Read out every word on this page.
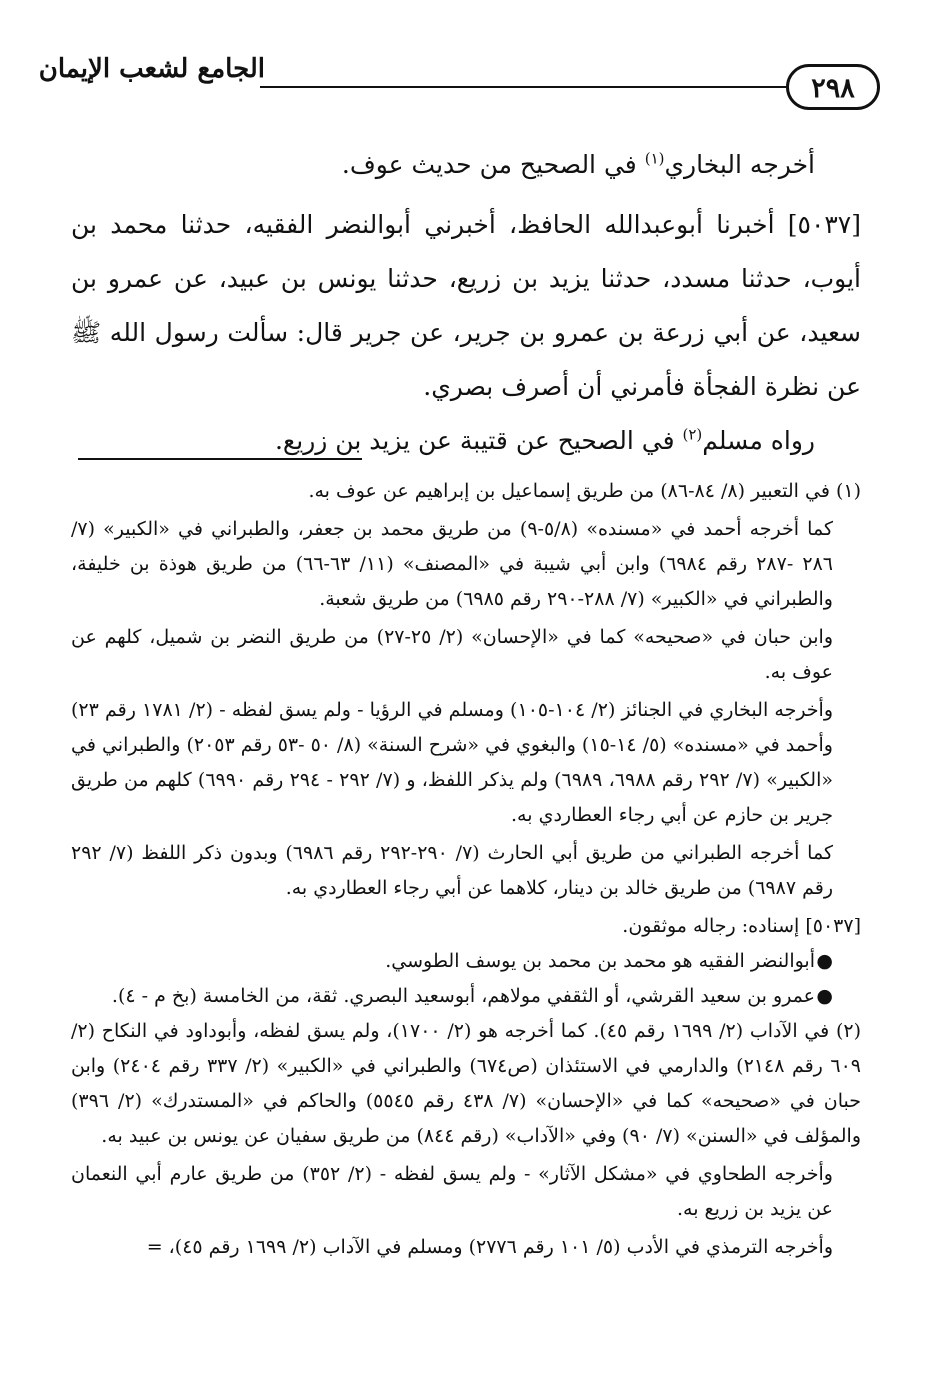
٢٩٨
الجامع لشعب الإيمان

أخرجه البخاري$^{(١)}$ في الصحيح من حديث عوف.

[٥٠٣٧] أخبرنا أبوعبدالله الحافظ، أخبرني أبوالنضر الفقيه، حدثنا محمد بن أيوب، حدثنا مسدد، حدثنا يزيد بن زريع، حدثنا يونس بن عبيد، عن عمرو بن سعيد، عن أبي زرعة بن عمرو بن جرير، عن جرير قال: سألت رسول الله ﷺ عن نظرة الفجأة فأمرني أن أصرف بصري.

رواه مسلم$^{(٢)}$ في الصحيح عن قتيبة عن يزيد بن زريع.

(١) في التعبير (٨/ ٨٤-٨٦) من طريق إسماعيل بن إبراهيم عن عوف به.

كما أخرجه أحمد في «مسنده» (٥/٨-٩) من طريق محمد بن جعفر، والطبراني في «الكبير» (٧/ ٢٨٦ -٢٨٧ رقم ٦٩٨٤) وابن أبي شيبة في «المصنف» (١١/ ٦٣-٦٦) من طريق هوذة بن خليفة، والطبراني في «الكبير» (٧/ ٢٨٨-٢٩٠ رقم ٦٩٨٥) من طريق شعبة.

وابن حبان في «صحيحه» كما في «الإحسان» (٢/ ٢٥-٢٧) من طريق النضر بن شميل، كلهم عن عوف به.

وأخرجه البخاري في الجنائز (٢/ ١٠٤-١٠٥) ومسلم في الرؤيا - ولم يسق لفظه - (٢/ ١٧٨١ رقم ٢٣) وأحمد في «مسنده» (٥/ ١٤-١٥) والبغوي في «شرح السنة» (٨/ ٥٠ -٥٣ رقم ٢٠٥٣) والطبراني في «الكبير» (٧/ ٢٩٢ رقم ٦٩٨٨، ٦٩٨٩) ولم يذكر اللفظ، و (٧/ ٢٩٢ - ٢٩٤ رقم ٦٩٩٠) كلهم من طريق جرير بن حازم عن أبي رجاء العطاردي به.

كما أخرجه الطبراني من طريق أبي الحارث (٧/ ٢٩٠-٢٩٢ رقم ٦٩٨٦) وبدون ذكر اللفظ (٧/ ٢٩٢ رقم ٦٩٨٧) من طريق خالد بن دينار، كلاهما عن أبي رجاء العطاردي به.

[٥٠٣٧] إسناده: رجاله موثقون.

●أبوالنضر الفقيه هو محمد بن محمد بن يوسف الطوسي.

●عمرو بن سعيد القرشي، أو الثقفي مولاهم، أبوسعيد البصري. ثقة، من الخامسة (بخ م - ٤).

(٢) في الآداب (٢/ ١٦٩٩ رقم ٤٥). كما أخرجه هو (٢/ ١٧٠٠)، ولم يسق لفظه، وأبوداود في النكاح (٢/ ٦٠٩ رقم ٢١٤٨) والدارمي في الاستئذان (ص٦٧٤) والطبراني في «الكبير» (٢/ ٣٣٧ رقم ٢٤٠٤) وابن حبان في «صحيحه» كما في «الإحسان» (٧/ ٤٣٨ رقم ٥٥٤٥) والحاكم في «المستدرك» (٢/ ٣٩٦) والمؤلف في «السنن» (٧/ ٩٠) وفي «الآداب» (رقم ٨٤٤) من طريق سفيان عن يونس بن عبيد به.

وأخرجه الطحاوي في «مشكل الآثار» - ولم يسق لفظه - (٢/ ٣٥٢) من طريق عارم أبي النعمان عن يزيد بن زريع به.

وأخرجه الترمذي في الأدب (٥/ ١٠١ رقم ٢٧٧٦) ومسلم في الآداب (٢/ ١٦٩٩ رقم ٤٥)، =
